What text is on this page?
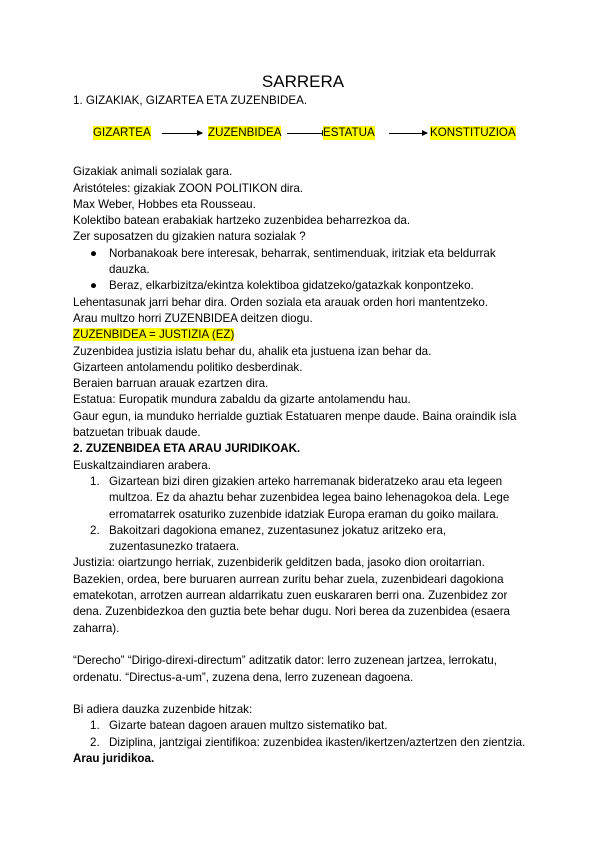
SARRERA

1. GIZAKIAK, GIZARTEA ETA ZUZENBIDEA.

GIZARTEA	ZUZENBIDEA	ESTATUA	KONSTITUZIOA

Gizakiak animali sozialak gara.

Aristóteles: gizakiak ZOON POLITIKON dira.

Max Weber, Hobbes eta Rousseau.

Kolektibo batean erabakiak hartzeko zuzenbidea beharrezkoa da.

Zer suposatzen du gizakien natura sozialak ?

● Norbanakoak bere interesak, beharrak, sentimenduak, iritziak eta beldurrak dauzka.
● Beraz, elkarbizitza/ekintza kolektiboa gidatzeko/gatazkak konpontzeko.

Lehentasunak jarri behar dira. Orden soziala eta arauak orden hori mantentzeko.

Arau multzo horri ZUZENBIDEA deitzen diogu.

ZUZENBIDEA = JUSTIZIA (EZ)

Zuzenbidea justizia islatu behar du, ahalik eta justuena izan behar da.

Gizarteen antolamendu politiko desberdinak.

Beraien barruan arauak ezartzen dira.

Estatua: Europatik mundura zabaldu da gizarte antolamendu hau.

Gaur egun, ia munduko herrialde guztiak Estatuaren menpe daude. Baina oraindik isla batzuetan tribuak daude.

2. ZUZENBIDEA ETA ARAU JURIDIKOAK.

Euskaltzaindiaren arabera.

1. Gizartean bizi diren gizakien arteko harremanak bideratzeko arau eta legeen multzoa. Ez da ahaztu behar zuzenbidea legea baino lehenagokoa dela. Lege erromatarrek osaturiko zuzenbide idatziak Europa eraman du goiko mailara.
2. Bakoitzari dagokiona emanez, zuzentasunez jokatuz aritzeko era, zuzentasunezko trataera.

Justizia: oiartzungo herriak, zuzenbiderik gelditzen bada, jasoko dion oroitarrian. Bazekien, ordea, bere buruaren aurrean zuritu behar zuela, zuzenbideari dagokiona ematekotan, arrotzen aurrean aldarrikatu zuen euskararen berri ona. Zuzenbidez zor dena. Zuzenbidezkoa den guztia bete behar dugu. Nori berea da zuzenbidea (esaera zaharra).

“Derecho” “Dirigo-direxi-directum” aditzatik dator: lerro zuzenean jartzea, lerrokatu, ordenatu. “Directus-a-um”, zuzena dena, lerro zuzenean dagoena.

Bi adiera dauzka zuzenbide hitzak:

1. Gizarte batean dagoen arauen multzo sistematiko bat.
2. Diziplina, jantzigai zientifikoa: zuzenbidea ikasten/ikertzen/aztertzen den zientzia.

Arau juridikoa.
